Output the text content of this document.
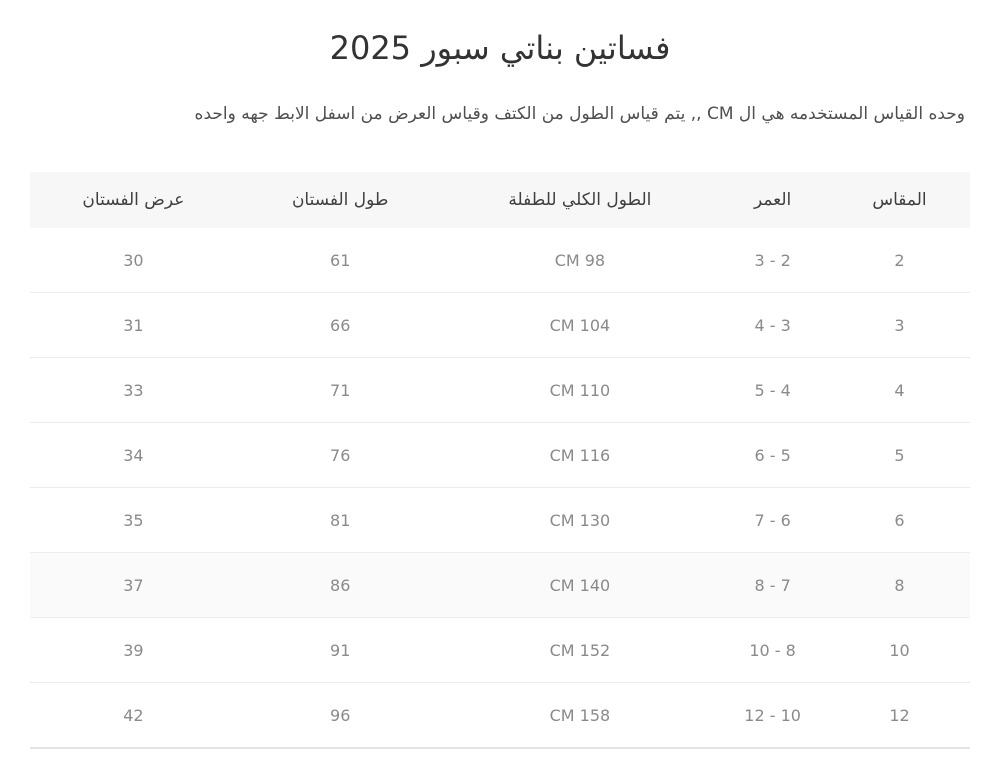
فساتين بناتي سبور 2025

وحده القياس المستخدمه هي ال CM ,, يتم قياس الطول من الكتف وقياس العرض من اسفل الابط جهه واحده

المقاس	العمر	الطول الكلي للطفلة	طول الفستان	عرض الفستان
2	3 - 2	CM 98	61	30
3	4 - 3	CM 104	66	31
4	5 - 4	CM 110	71	33
5	6 - 5	CM 116	76	34
6	7 - 6	CM 130	81	35
8	8 - 7	CM 140	86	37
10	10 - 8	CM 152	91	39
12	12 - 10	CM 158	96	42
